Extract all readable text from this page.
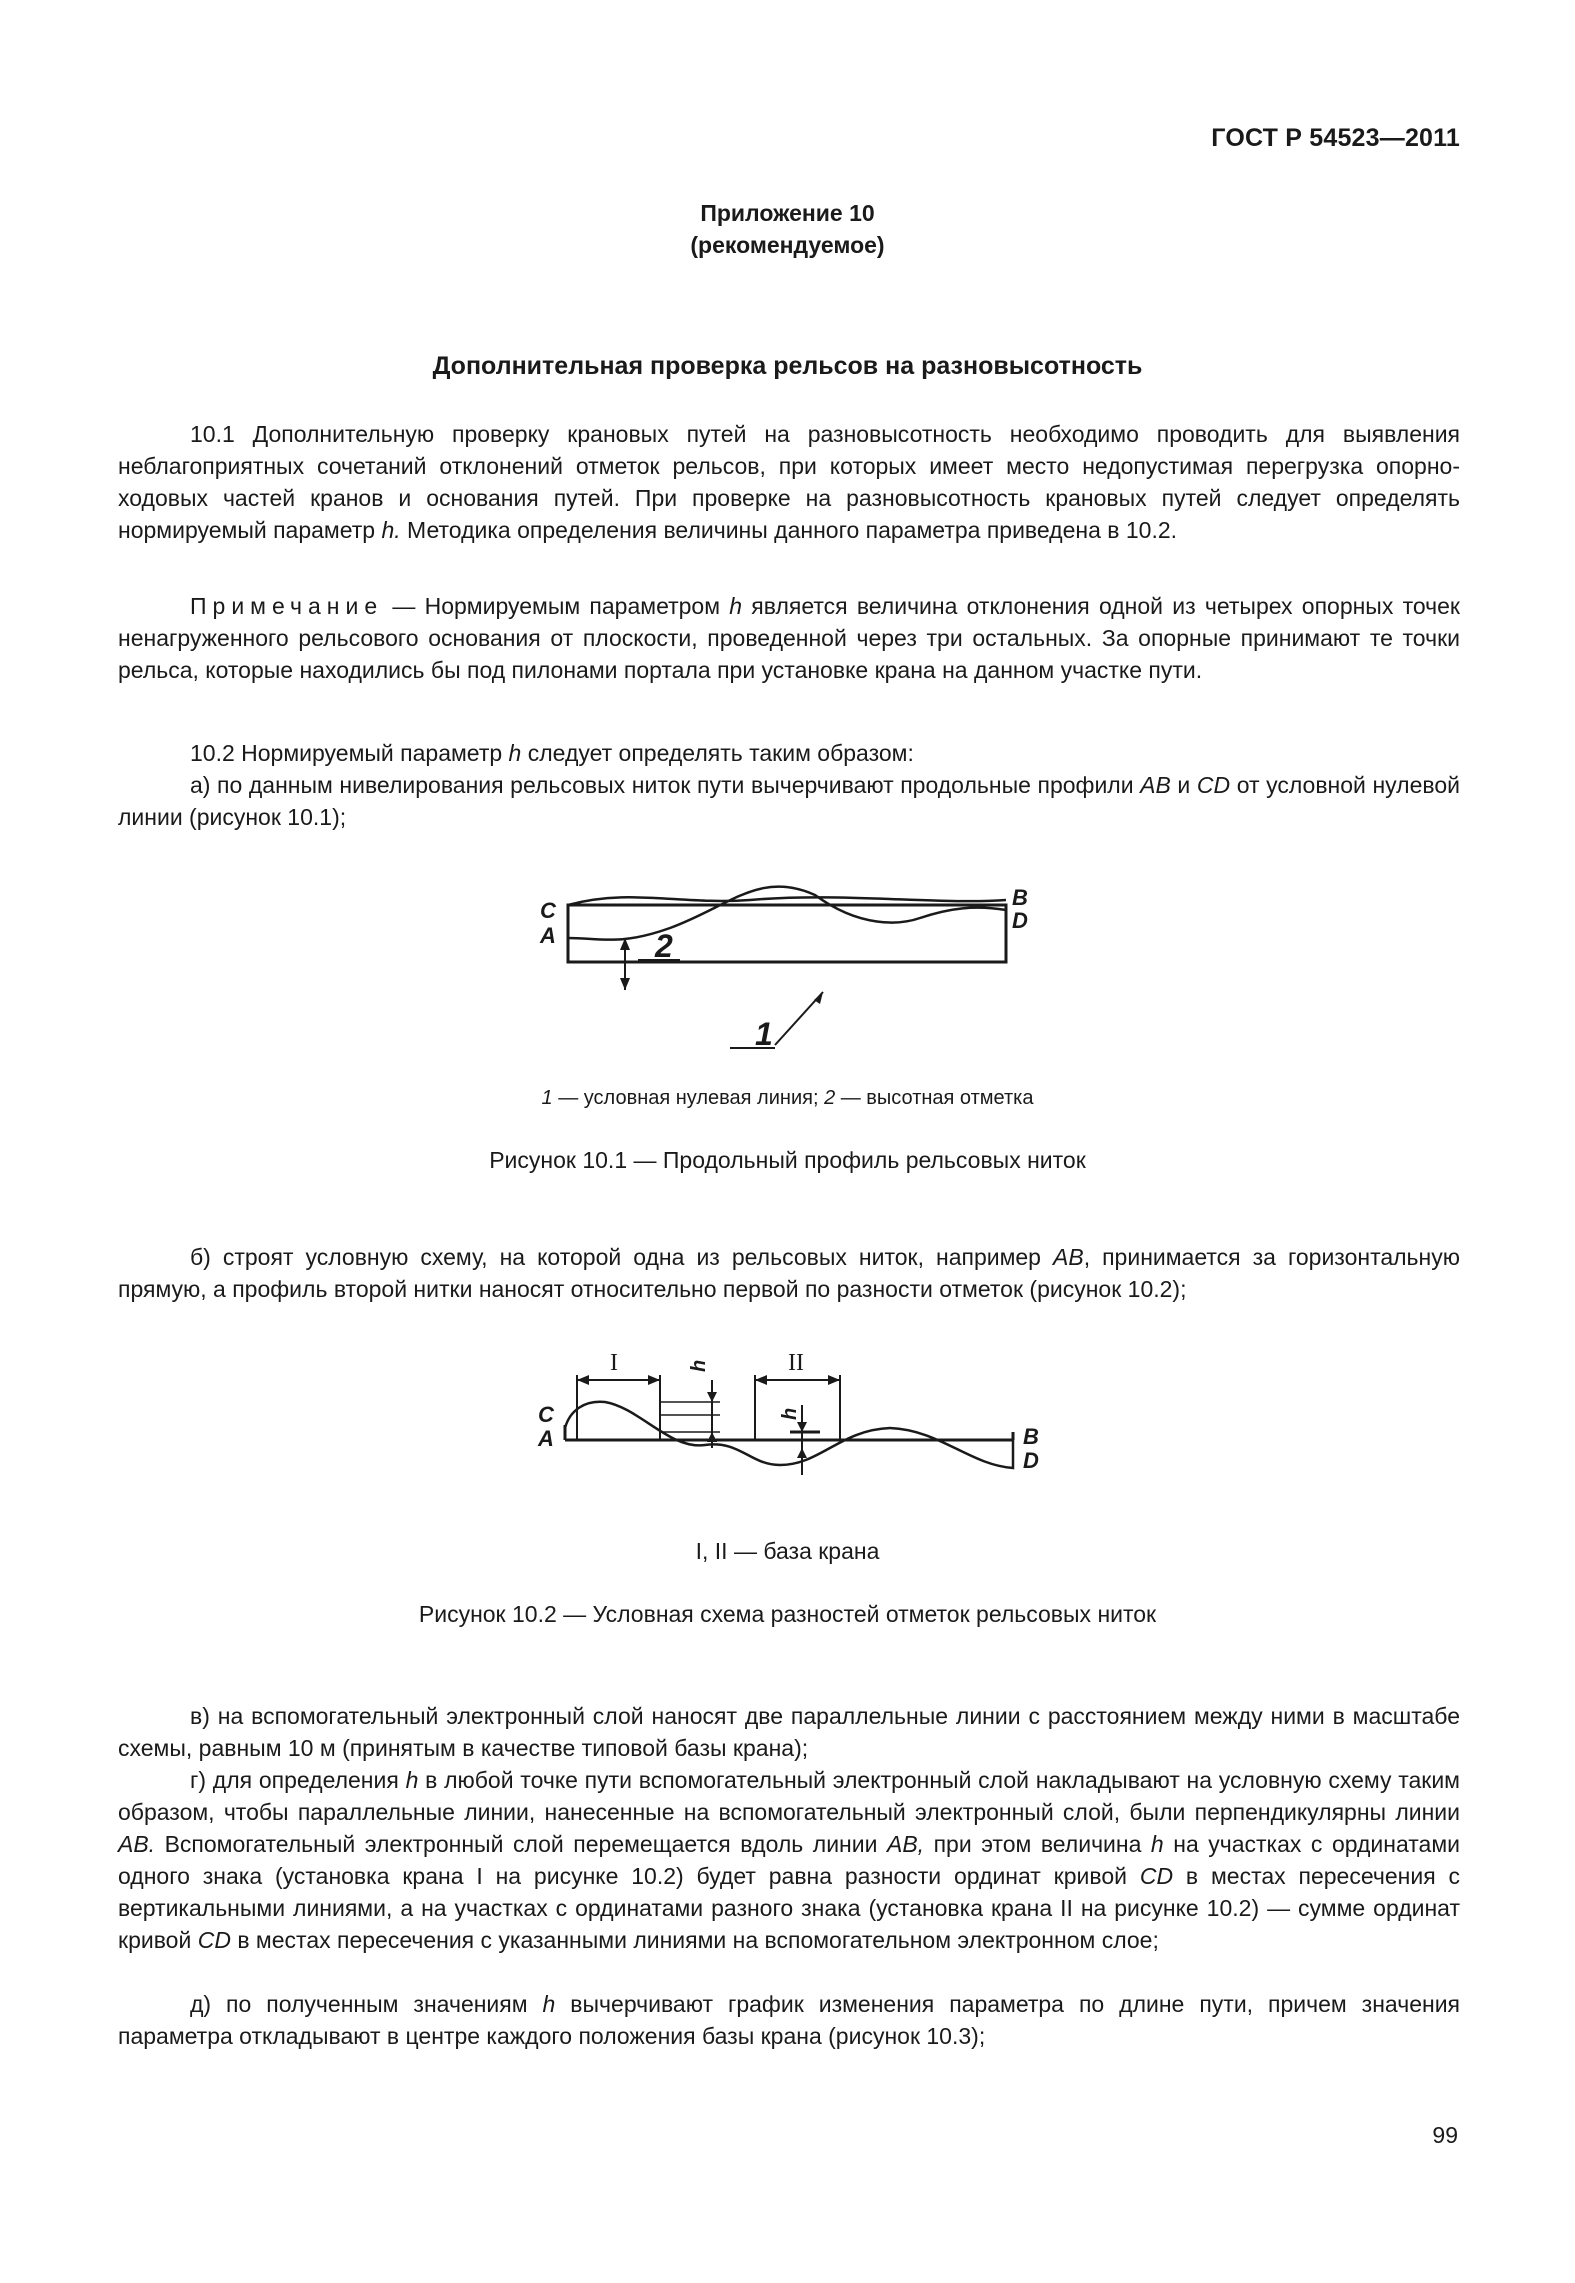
ГОСТ Р 54523—2011
Приложение 10
(рекомендуемое)
Дополнительная проверка рельсов на разновысотность

10.1 Дополнительную проверку крановых путей на разновысотность необходимо проводить для выявления неблагоприятных сочетаний отклонений отметок рельсов, при которых имеет место недопустимая перегрузка опорно-ходовых частей кранов и основания путей. При проверке на разновысотность крановых путей следует определять нормируемый параметр h. Методика определения величины данного параметра приведена в 10.2.

Примечание — Нормируемым параметром h является величина отклонения одной из четырех опорных точек ненагруженного рельсового основания от плоскости, проведенной через три остальных. За опорные принимают те точки рельса, которые находились бы под пилонами портала при установке крана на данном участке пути.

10.2 Нормируемый параметр h следует определять таким образом:

а) по данным нивелирования рельсовых ниток пути вычерчивают продольные профили AB и CD от условной нулевой линии (рисунок 10.1);

C
A
B
D
2
1
1 — условная нулевая линия; 2 — высотная отметка
Рисунок 10.1 — Продольный профиль рельсовых ниток

б) строят условную схему, на которой одна из рельсовых ниток, например AB, принимается за горизонтальную прямую, а профиль второй нитки наносят относительно первой по разности отметок (рисунок 10.2);

I	II
h
h
C
A	B
D
I, II — база крана
Рисунок 10.2 — Условная схема разностей отметок рельсовых ниток

в) на вспомогательный электронный слой наносят две параллельные линии с расстоянием между ними в масштабе схемы, равным 10 м (принятым в качестве типовой базы крана);

г) для определения h в любой точке пути вспомогательный электронный слой накладывают на условную схему таким образом, чтобы параллельные линии, нанесенные на вспомогательный электронный слой, были перпендикулярны линии AB. Вспомогательный электронный слой перемещается вдоль линии AB, при этом величина h на участках с ординатами одного знака (установка крана I на рисунке 10.2) будет равна разности ординат кривой CD в местах пересечения с вертикальными линиями, а на участках с ординатами разного знака (установка крана II на рисунке 10.2) — сумме ординат кривой CD в местах пересечения с указанными линиями на вспомогательном электронном слое;

д) по полученным значениям h вычерчивают график изменения параметра по длине пути, причем значения параметра откладывают в центре каждого положения базы крана (рисунок 10.3);

99
